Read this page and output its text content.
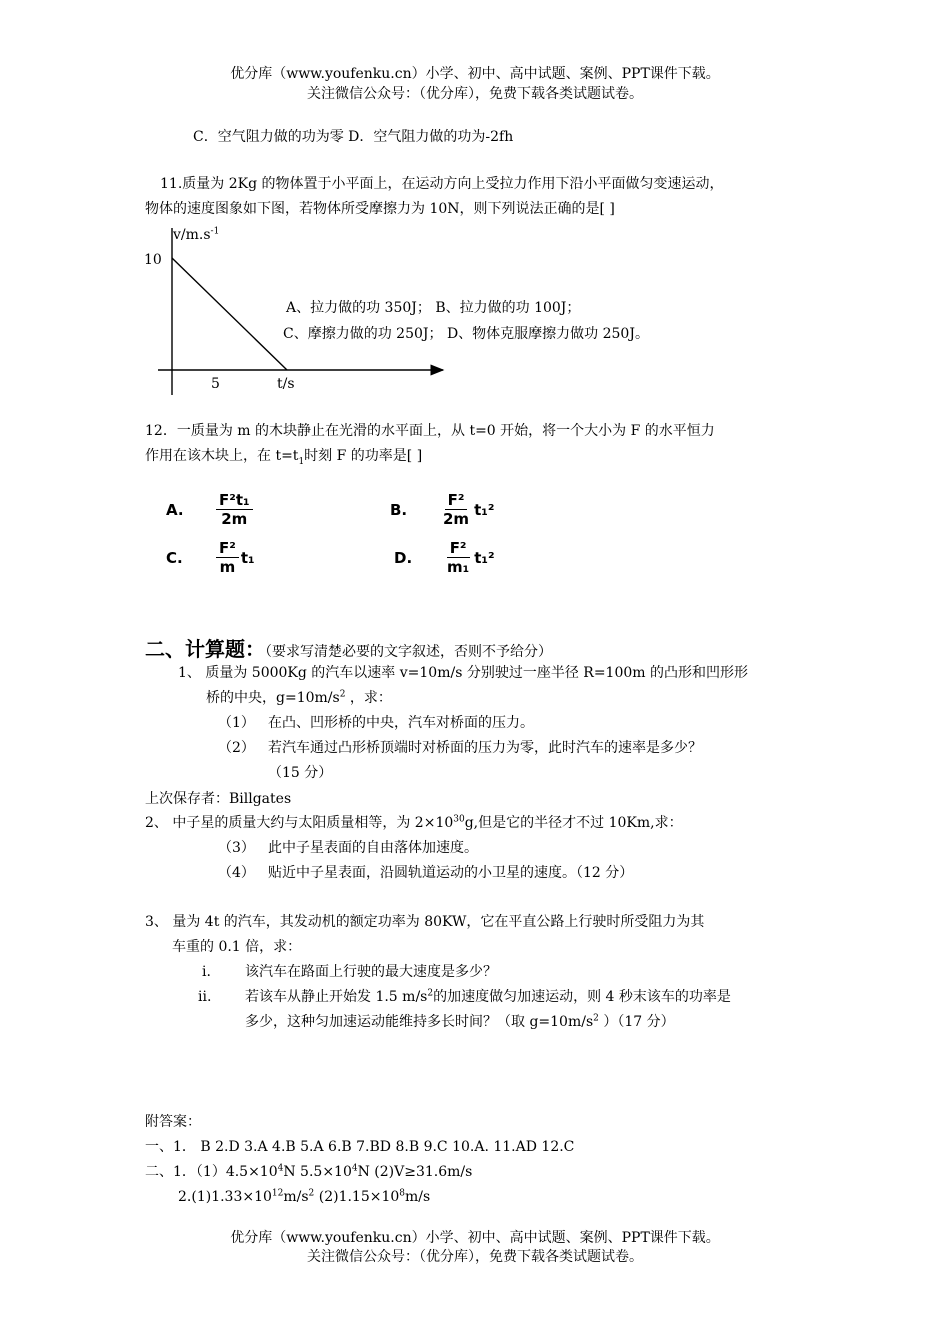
优分库（www.youfenku.cn）小学、初中、高中试题、案例、PPT课件下载。
关注微信公众号：（优分库），免费下载各类试题试卷。
C．空气阻力做的功为零 D．空气阻力做的功为-2fh
11.质量为 2Kg 的物体置于小平面上，在运动方向上受拉力作用下沿小平面做匀变速运动，
物体的速度图象如下图，若物体所受摩擦力为 10N，则下列说法正确的是[ ]
$v/m.s^{-1}$
10
5	t/s
A、拉力做的功 350J； B、拉力做的功 100J；
C、摩擦力做的功 250J； D、物体克服摩擦力做功 250J。
12．一质量为 m 的木块静止在光滑的水平面上，从 t=0 开始，将一个大小为 F 的水平恒力
作用在该木块上，在 $t=t_1$时刻 F 的功率是[ ]
A.	$\frac{\text{F²t₁}}{2m}$	B.	$\frac{\text{F²}}{2m} t_1^2$
C.	$\frac{\text{F²}}{m} t_1$	D.	$\frac{\text{F²}}{\text{m₁}} t_1^2$
二、计算题：（要求写清楚必要的文字叙述，否则不予给分）
1、 质量为 5000Kg 的汽车以速率 v=10m/s 分别驶过一座半径 R=100m 的凸形和凹形形
桥的中央，$g=10m/s^2$ ，求：
（1） 在凸、凹形桥的中央，汽车对桥面的压力。
（2） 若汽车通过凸形桥顶端时对桥面的压力为零，此时汽车的速率是多少？
（15 分）
上次保存者：Billgates
2、 中子星的质量大约与太阳质量相等，为 $2\times 10^{30}g$,但是它的半径才不过 10Km,求：
（3） 此中子星表面的自由落体加速度。
（4） 贴近中子星表面，沿圆轨道运动的小卫星的速度。（12 分）
3、 量为 4t 的汽车，其发动机的额定功率为 80KW，它在平直公路上行驶时所受阻力为其
车重的 0.1 倍，求：
i. 该汽车在路面上行驶的最大速度是多少？
ii. 若该车从静止开始发 1.5 $m/s^2$的加速度做匀加速运动，则 4 秒末该车的功率是
多少，这种匀加速运动能维持多长时间？（取 $g=10m/s^2$ ）（17 分）
附答案：
一、1． B 2.D 3.A 4.B 5.A 6.B 7.BD 8.B 9.C 10.A. 11.AD 12.C
二、1．$(1)4.5\times 10^4N$ $5.5\times 10^4N$ (2)V≥31.6m/s
$2.(1)1.33\times 10^{12}m/s^2$ $(2)1.15\times 10^8m/s$
优分库（www.youfenku.cn）小学、初中、高中试题、案例、PPT课件下载。
关注微信公众号：（优分库），免费下载各类试题试卷。
